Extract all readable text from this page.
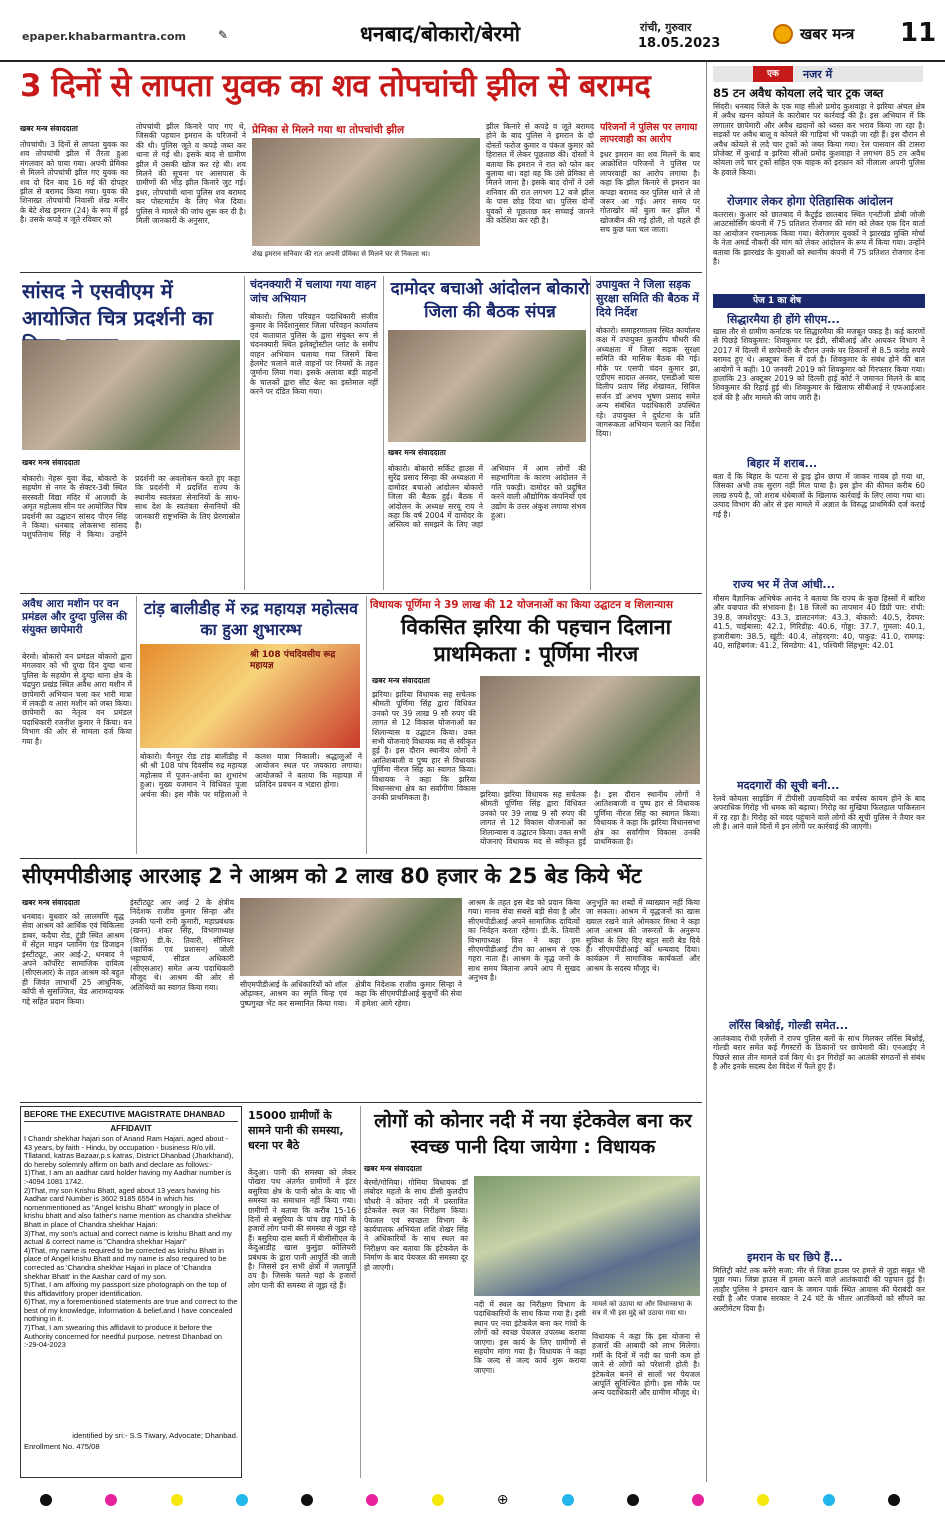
epaper.khabarmantra.com	✎	धनबाद/बोकारो/बेरमो	रांची, गुरुवार
18.05.2023
खबर मन्त्र 11
3 दिनों से लापता युवक का शव तोपचांची झील से बरामद
खबर मन्त्र संवाददाता
तोपचांची। 3 दिनों से लापता युवक का शव तोपचांची झील में तैरता हुआ मंगलवार को पाया गया। अपनी प्रेमिका से मिलने तोपचांची झील गए युवक का शव दो दिन बाद 16 मई की दोपहर झील से बरामद किया गया। युवक की शिनाख्त तोपचांची निवासी शेख मनीर के बेटे शेख इमरान (24) के रूप में हुई है। उसके कपड़े व जूते रविवार को
तोपचांची झील किनारे पाए गए थे, जिसकी पहचान इमरान के परिजनों ने की थी। पुलिस जूते व कपड़े जब्त कर थाना ले गई थी। इसके बाद से ग्रामीण झील में उसकी खोज कर रहे थी। शव मिलने की सूचना पर आसपास के ग्रामीणों की भीड़ झील किनारे जुट गई। इधर, तोपचांची थाना पुलिस शव बरामद कर पोस्टमार्टम के लिए भेज दिया। पुलिस ने मामले की जांच शुरू कर दी है। मिली जानकारी के अनुसार,
प्रेमिका से मिलने गया था तोपचांची झील
शेख इमरान सनिवार की रात अपनी प्रेमिका से मिलने घर से निकला था।
झील किनारे से कपड़े व जूते बरामद होने के बाद पुलिस ने इमरान के दो दोस्तों फरोज कुमार व पंकज कुमार को हिरासत में लेकर पूछताछ की। दोस्तों ने बताया कि इमरान ने रात को फोन कर बुलाया था। वहां वह कि उसे प्रेमिका से मिलने जाना है। इसके बाद दोनों ने उसे शनिवार की रात लगभग 12 बजे झील के पास छोड़ दिया था। पुलिस दोनों युवकों से पूछताछ कर सच्चाई जानने की कोशिश कर रही है।
परिजनों ने पुलिस पर लगाया लापरवाही का आरोप
इधर इमरान का शव मिलने के बाद आक्रोशित परिजनों ने पुलिस पर लापरवाही का आरोप लगाया है। कहा कि झील किनारे से इमरान का कपड़ा बरामद कर पुलिस थाने ले तो जरूर आ गई। अगर समय पर गोताखोर को बुला कर झील में खोजबीन की गई होती, तो पहले ही सच कुछ पता चल जाता।
एक	नजर में
85 टन अवैध कोयला लदे चार ट्रक जब्त
सिंदरी। धनबाद जिले के एक माह सीओ प्रमोद कुशवाहा ने झरिया अंचल क्षेत्र में अवैध खनन कोयले के कारोबार पर कार्रवाई की है। इस अभियान में कि लगातार छापेमारी और अवैध खदानों को ध्वस्त कर भराव किया जा रहा है। सड़कों पर अवैध बालू व कोयले की गाड़ियां भी पकड़ी जा रही हैं। इस दौरान से अवैध कोयले से लदे चार ट्रकों को जब्त किया गया। रेल पासवान की टासरा प्रोजेक्ट में कुधार्ड़ व झरिया सीओ प्रमोद कुशवाहा ने लगभग 85 टन अवैध कोयला लदे चार ट्रकों सहित एक वाहक को इरफ़ान को नीलाला अपनी पुलिस के हवाले किया।
रोजगार लेकर होगा ऐतिहासिक आंदोलन
कतरास। कुआर को छातबाद में कैटुईड छातबाद स्थित एनटीजी डोबी जोजी आउटसोर्सिंग कंपनी में 75 प्रतिशत रोजगार की मांग को लेकर एक दिन वार्ता का आयोजन रचनात्मक किया गया। बेरोजगार युवकों ने झारखंड मुक्ति मोर्चा के नेता अमर्ड नौकरी की मांग को लेकर आंदोलन के रूप में किया गया। उन्होंने बताया कि झारखंड के युवाओं को स्थानीय कंपनी में 75 प्रतिशत रोजगार देना है।
पेज 1 का शेष
सिद्धारमैया ही होंगे सीएम...
खास तौर से ग्रामीण कर्नाटक पर सिद्धारमैया की मजबूत पकड़ है। कई कारणों से पिछड़े शिवकुमार: शिवकुमार पर ईडी, सीबीआई और आयकर विभाग ने 2017 में दिल्ली में छापेमारी के दौरान उनके घर ठिकानों से 8.5 करोड़ रुपये बरामद हुए थे। अक्टूबर केस में दर्ज है। शिवकुमार के संबंध होने की बात आयोगों ने कही। 10 जनवरी 2019 को शिवकुमार को गिरफ्तार किया गया। हालांकि 23 अक्टूबर 2019 को दिल्ली हाई कोर्ट ने जमानत मिलने के बाद शिवकुमार की रिहाई हुई थी। शिवकुमार के खिलाफ सीबीआई ने एफआईआर दर्ज की है और मामले की जांच जारी है।
बिहार में शराब...
बता दें कि बिहार के पटना से ड्राइ ड्रोन छापा में जाकर गायब हो गया था, जिसका अभी तक सुराग नहीं मिल पाया है। इस ड्रोन की कीमत करीब 60 लाख रुपये है, जो शराब धंधेबाजों के खिलाफ कार्रवाई के लिए लाया गया था। उत्पाद विभाग की ओर से इस मामले में अज्ञात के विरुद्ध प्राथमिकी दर्ज कराई गई है।
राज्य भर में तेज आंधी...
मौसम वैज्ञानिक अभिषेक आनंद ने बताया कि राज्य के कुछ हिस्सों में बारिश और वज्रपात की संभावना है। 18 जिलों का तापमान 40 डिग्री पार: रांची: 39.8, जमशेदपुर: 43.3, डालटनगंज: 43.3, बोकारो: 40.5, देवघर: 41.5, चाईबासा: 42.1, गिरिडीह: 40.6, गोड्डा: 37.7, गुमला: 40.1, हजारीबाग: 38.5, खूंटी: 40.4, लोहरदगा: 40, पाकुड़: 41.0, रामगढ़: 40, साहिबगंज: 41.2, सिमडेगा: 41, पश्चिमी सिंहभूम: 42.01
मददगारों की सूची बनी...
रेलवे कोयला साइडिंग में टीपीसी उग्रवादियों का वर्चस्व कायम होने के बाद अपराधिक गिरोह भी धमक को बढ़ाया। गिरोह का मुखिया फिलहाल पाकिस्तान में रह रहा है। गिरोह को मदद पहुंचाने वाले लोगों की सूची पुलिस ने तैयार कर ली है। आने वाले दिनों में इन लोगों पर कार्रवाई की जाएगी।
लॉरेंस बिश्नोई, गोल्डी समेत...
आतंकवाद रोधी एजेंसी ने राज्य पुलिस बलों के साथ मिलकर लॉरेंस बिश्नोई, गोल्डी बरार समेत कई गैंगस्टरों के ठिकानों पर छापेमारी की। एनआईए ने पिछले साल तीन मामले दर्ज किए थे। इन गिरोहों का आतंकी संगठनों से संबंध है और इनके सदस्य देश विदेश में फैले हुए हैं।
इमरान के घर छिपे हैं...
मिलिट्री कोर्ट तक करेंगे सजा: मीर से जिन्ना हाउस पर हमले से जुड़ा सबूत भी पूछा गया। जिन्ना हाउस में हमला करने वाले आतंकवादी की पहचान हुई है। लाहौर पुलिस ने इमरान खान के जमान पार्क स्थित आवास की घेराबंदी कर रखी है और पंजाब सरकार ने 24 घंटे के भीतर आतंकियों को सौंपने का अल्टीमेटम दिया है।
सांसद ने एसवीएम में आयोजित चित्र प्रदर्शनी का
खबर मन्त्र संवाददाता
बोकारो। नेहरू युवा केंद्र, बोकारो के सहयोग से नगर के सेक्टर-3बी स्थित सरस्वती विद्या मंदिर में आजादी के अमृत महोत्सव सीन पर आयोजित चित्र प्रदर्शनी का उद्घाटन सांसद पीएन सिंह ने किया। धनबाद लोकसभा सांसद पशुपतिनाथ सिंह ने किया। उन्होंने प्रदर्शनी का अवलोकन करते हुए कहा कि प्रदर्शनी में प्रदर्शित राज्य के स्थानीय स्वतंत्रता सेनानियों के साथ-साथ देश के स्वतंत्रता सेनानियों की जानकारी राष्ट्रभक्ति के लिए प्रेरणास्रोत है।
चंदनक्यारी में चलाया गया वाहन जांच अभियान
बोकारो। जिला परिवहन पदाधिकारी संजीव कुमार के निर्देशानुसार जिला परिवहन कार्यालय एवं यातायात पुलिस के द्वारा संयुक्त रूप से चंदनक्यारी स्थित इलेक्ट्रोस्टील प्लांट के समीप वाहन अभियान चलाया गया जिसमें बिना हेलमेट चलाने वाले वाहनों पर नियमों के तहत जुर्माना लिया गया। इसके अलावा बड़ी वाहनों के चालकों द्वारा सीट बेल्ट का इस्तेमाल नहीं करने पर दंडित किया गया।
दामोदर बचाओ आंदोलन बोकारो जिला की बैठक संपन्न
खबर मन्त्र संवाददाता
बोकारो। बोकारो सर्किट हाउस में सुरेंद्र प्रसाद सिन्हा की अध्यक्षता में दामोदर बचाओ आंदोलन बोकारो जिला की बैठक हुई। बैठक में आंदोलन के अध्यक्ष सरयू राय ने कहा कि वर्ष 2004 में दामोदर के अस्तित्व को समझने के लिए जहां अभियान में आम लोगों की सहभागिता के कारण आंदोलन ने गति पकड़ी। दामोदर को प्रदूषित करने वाली औद्योगिक कंपनियों एवं उद्योग के उत्तर अंकुश लगाया संभव हुआ।
उपायुक्त ने जिला सड़क सुरक्षा समिति की बैठक में दिये निर्देश
बोकारो। समाहरणालय स्थित कार्यालय कक्ष में उपायुक्त कुलदीप चौधरी की अध्यक्षता में जिला सड़क सुरक्षा समिति की मासिक बैठक की गई। मौके पर एसपी चंदन कुमार झा, एडीएम सादात अनवर, एसडीओ चास दिलीप प्रताप सिंह शेखावत, सिविल सर्जन डॉ अभय भूषण प्रसाद समेत अन्य संबंधित पदाधिकारी उपस्थित रहे। उपायुक्त ने दुर्घटना के प्रति जागरूकता अभियान चलाने का निर्देश दिया।
अवैध आरा मशीन पर वन प्रमंडल और दुग्दा पुलिस की संयुक्त छापेमारी
बेरमो। बोकारो वन प्रमंडल बोकारो द्वारा मंगलवार को भी दुग्दा दिन दुग्दा थाना पुलिस के सहयोग से दुग्दा थाना क्षेत्र के चंद्रपुरा प्रखंड स्थित अवैध आरा मशीन में छापेमारी अभियान चला कर भारी मात्रा में लकड़ी व आरा मशीन को जब्त किया। छापेमारी का नेतृत्व वन प्रमंडल पदाधिकारी रजनीश कुमार ने किया। वन विभाग की ओर से मामला दर्ज किया गया है।
टांड़ बालीडीह में रुद्र महायज्ञ महोत्सव का हुआ शुभारम्भ
श्री 108 पंचदिवसीय रूद्र महायज्ञ
बोकारो। चैनपुर रोड टांड़ बालीडीह में श्री श्री 108 पांच दिवसीय रुद्र महायज्ञ महोत्सव में पूजन-अर्चना का शुभारंभ हुआ। मुख्य यजमान ने विधिवत पूजा अर्चना की। इस मौके पर महिलाओं ने कलश यात्रा निकाली। श्रद्धालुओं ने आयोजन स्थल पर जयकारा लगाया। आयोजकों ने बताया कि महायज्ञ में प्रतिदिन प्रवचन व भंडारा होगा।
विधायक पूर्णिमा ने 39 लाख की 12 योजनाओं का किया उद्घाटन व शिलान्यास
विकसित झरिया की पहचान दिलाना प्राथमिकता : पूर्णिमा नीरज
खबर मन्त्र संवाददाता
झरिया। झरिया विधायक सह सचेतक श्रीमती पूर्णिमा सिंह द्वारा विधिवत उनको पर 39 लाख 9 सौ रुपए की लागत से 12 विकास योजनाओं का शिलान्यास व उद्घाटन किया। उक्त सभी योजनाएं विधायक मद से स्वीकृत हुई है। इस दौरान स्थानीय लोगों ने आतिशबाजी व पुष्प हार से विधायक पूर्णिमा नीरज सिंह का स्वागत किया। विधायक ने कहा कि झरिया विधानसभा क्षेत्र का सर्वांगीण विकास उनकी प्राथमिकता है।	झरिया। झरिया विधायक सह सचेतक श्रीमती पूर्णिमा सिंह द्वारा विधिवत उनको पर 39 लाख 9 सौ रुपए की लागत से 12 विकास योजनाओं का शिलान्यास व उद्घाटन किया। उक्त सभी योजनाएं विधायक मद से स्वीकृत हुई है। इस दौरान स्थानीय लोगों ने आतिशबाजी व पुष्प हार से विधायक पूर्णिमा नीरज सिंह का स्वागत किया। विधायक ने कहा कि झरिया विधानसभा क्षेत्र का सर्वांगीण विकास उनकी प्राथमिकता है।
सीएमपीडीआइ आरआइ 2 ने आश्रम को 2 लाख 80 हजार के 25 बेड किये भेंट
खबर मन्त्र संवाददाता
धनबाद। बुधवार को लालमणि वृद्ध सेवा आश्रम को आर्थिक एवं चिकित्सा डाबर, कदैया रोड, टुंडी स्थित आश्रम में सेंट्रल माइन प्लानिंग एंड डिजाइन इंस्टीट्यूट, आर आई-2, धनबाद ने अपने कॉर्पोरेट सामाजिक दायित्व (सीएसआर) के तहत आश्रम को बहुत ही जिवंत लाभार्थी 25 आधुनिक, कॉपी से सुसज्जित, बेड आरामदायक गद्दे सहित प्रदान किया।
इंस्टीट्यूट आर आई 2 के क्षेत्रीय निदेशक राजीव कुमार सिन्हा और उनकी पत्नी रानी कुमारी, महाप्रबंधक (खनन) शंकर सिंह, विभागाध्यक्ष (वित्त) डी.के. तिवारी, सीनियर (कार्मिक एवं प्रशासन) जोली भट्टाचार्य, सीडल अधिकारी (सीएसआर) समेत अन्य पदाधिकारी मौजूद थे। आश्रम की ओर से अतिथियों का स्वागत किया गया।	सीएमपीडीआई के अधिकारियों को शॉल ओढ़ाकर, आश्रम का स्मृति चिन्ह एवं पुष्पगुच्छ भेंट कर सम्मानित किया गया। क्षेत्रीय निदेशक राजीव कुमार सिन्हा ने कहा कि सीएमपीडीआई बुजुर्गों की सेवा में हमेशा आगे रहेगा।
आश्रम के तहत इस बेड को प्रदान किया गया। मानव सेवा सबसे बड़ी सेवा है और सीएमपीडीआई अपने सामाजिक दायित्वों का निर्वहन करता रहेगा। डी.के. तिवारी विभागाध्यक्ष वित्त ने कहा हम सीएमपीडीआई टीम का आश्रम से एक गहरा नाता है। आश्रम के वृद्ध जनों के साथ समय बिताना अपने आप में सुखद अनुभव है।
अनुभूति का शब्दों में व्याख्यान नहीं किया जा सकता। आश्रम में वृद्धजनों का खास ख्याल रखने वाले ओमकार मिश्रा ने कहा आज आश्रम की जरूरतों के अनुरूप सुविधा के लिए दिए बहुत सारी बेड दिये हैं। सीएमपीडीआई को धन्यवाद दिया। कार्यक्रम में सामाजिक कार्यकर्ता और आश्रम के सदस्य मौजूद थे।
BEFORE THE EXECUTIVE MAGISTRATE DHANBAD
AFFIDAVIT
I Chandr shekhar hajari son of Anand Ram Hajari, aged about - 43 years, by faith - Hindu, by occupation - business R/o.vill. Tllatand, katras Bazaar,p.s katras, District Dhanbad (Jharkhand), do hereby solemnly affirm on bath and declare as follows:-
1)That, I am an aadhar card holder having my Aadhar number is :-4094 1081 1742.
2)That, my son Krishu Bhatt, aged about 13 years having his Aadhar card Number is 3602 9185 6554 in which his nomenmentioned as "Angel krishu Bhatt" wrongly in place of krishu bhatt and also father's name mention as chandra shekhar Bhatt in place of Chandra shekhar Hajari:
3)That, my son's actual and correct name is krishu Bhatt and my actual & correct name is "Chandra shekhar Hajari"
4)That, my name is required to be corrected as krishu Bhatt in place of Angel krishu Bhatt and my name is also required to be corrected as 'Chandra shekhar Hajari in place of 'Chandra shekhar Bhatt' in the Aashar card of my son.
5)That, I am affixing my passport size photograph on the top of this affidavitfory proper identification.
6)That, my a forementioned statements are true and correct to the best of my knowledge, information & belief,and I have concealed nothing in it.
7)That, I am swearing this affidavit to produce it before the Authority concerned for needful purpose. netrest Dhanbad on :-29-04-2023
identified by sri:- S.S Tiwary, Advocate; Dhanbad.
Enrollment No. 475/08
15000 ग्रामीणों के सामने पानी की समस्या, धरना पर बैठे
केंदुआ। पानी की समस्या को लेकर पोखरा पथ अंतर्गत ग्रामीणों ने इंटर बसुरिया क्षेत्र के पानी स्रोत के बाद भी समस्या का समाधान नहीं किया गया। ग्रामीणों ने बताया कि करीब 15-16 दिनों से बसुरिया के पांच छह गांवों के हजारों लोग पानी की समस्या से जूझ रहे हैं। बसुरिया दास बस्ती में बीसीसीएल के केंदुआडीह खास कुसुंडा कोलियरी प्रबंधक के द्वारा पानी आपूर्ति की जाती है। जिससे इन सभी क्षेत्रों में जलापूर्ति ठप है। जिसके चलते यहां के हजारों लोग पानी की समस्या से जूझ रहे हैं।
लोगों को कोनार नदी में नया इंटेकवेल बना कर स्वच्छ पानी दिया जायेगा : विधायक
खबर मन्त्र संवाददाता
बेरमो/गोमिया। गोमिया विधायक डॉ लंबोदर महतो के साथ डीसी कुलदीप चौधरी ने कोनार नदी में प्रस्तावित इंटेकवेल स्थल का निरीक्षण किया। पेयजल एवं स्वच्छता विभाग के कार्यपालक अभियंता शशि शेखर सिंह ने अधिकारियों के साथ स्थल का निरीक्षण कर बताया कि इंटेकवेल के निर्माण के बाद पेयजल की समस्या दूर हो जाएगी।
नदी में स्थल का निरीक्षण विभाग के पदाधिकारियों के साथ किया गया है। इसी स्थान पर नया इंटेकवेल बना कर गांवों के लोगों को स्वच्छ पेयजल उपलब्ध कराया जाएगा। इस कार्य के लिए ग्रामीणों से सहयोग मांगा गया है। विधायक ने कहा कि जल्द से जल्द कार्य शुरू कराया जाएगा।
मामले को उठाया था और विधानसभा के सत्र में भी इस मुद्दे को उठाया गया था।
विधायक ने कहा कि इस योजना से हजारों की आबादी को लाभ मिलेगा। गर्मी के दिनों में नदी का पानी कम हो जाने से लोगों को परेशानी होती है। इंटेकवेल बनने से सालों भर पेयजल आपूर्ति सुनिश्चित होगी। इस मौके पर अन्य पदाधिकारी और ग्रामीण मौजूद थे।
⊕
